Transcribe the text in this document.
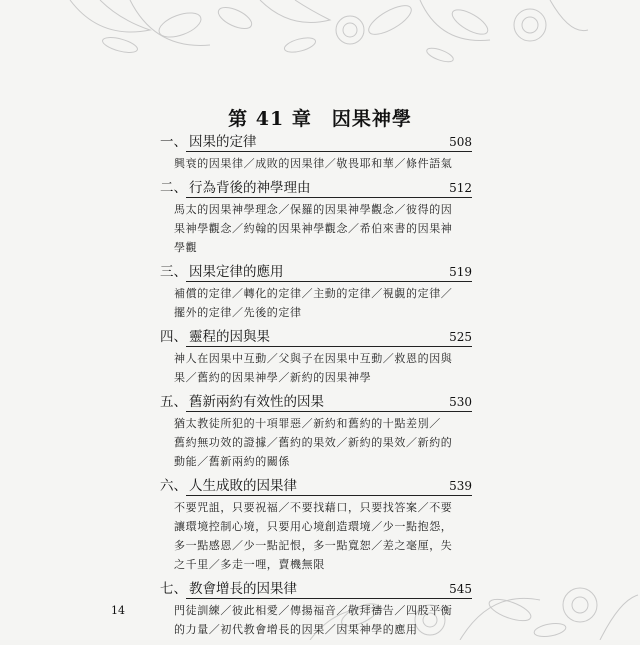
第 41 章　因果神學
一、 因果的定律	508
興衰的因果律／成敗的因果律／敬畏耶和華／條件語氣
二、 行為背後的神學理由	512
馬太的因果神學理念／保羅的因果神學觀念／彼得的因
果神學觀念／約翰的因果神學觀念／希伯來書的因果神
學觀
三、 因果定律的應用	519
補償的定律／轉化的定律／主動的定律／視覷的定律／
擺外的定律／先後的定律
四、 靈程的因與果	525
神人在因果中互動／父與子在因果中互動／救恩的因與
果／舊約的因果神學／新約的因果神學
五、 舊新兩約有效性的因果	530
猶太教徒所犯的十項罪惡／新約和舊約的十點差別／
舊約無功效的證據／舊約的果效／新約的果效／新約的
動能／舊新兩約的關係
六、 人生成敗的因果律	539
不要咒詛，只要祝福／不要找藉口，只要找答案／不要
讓環境控制心境，只要用心境創造環境／少一點抱怨，
多一點感恩／少一點記恨，多一點寬恕／差之毫厘，失
之千里／多走一哩，賣機無限
七、 教會增長的因果律	545
門徒訓練／彼此相愛／傳揚福音／敬拜禱告／四股平衡
的力量／初代教會增長的因果／因果神學的應用
14
